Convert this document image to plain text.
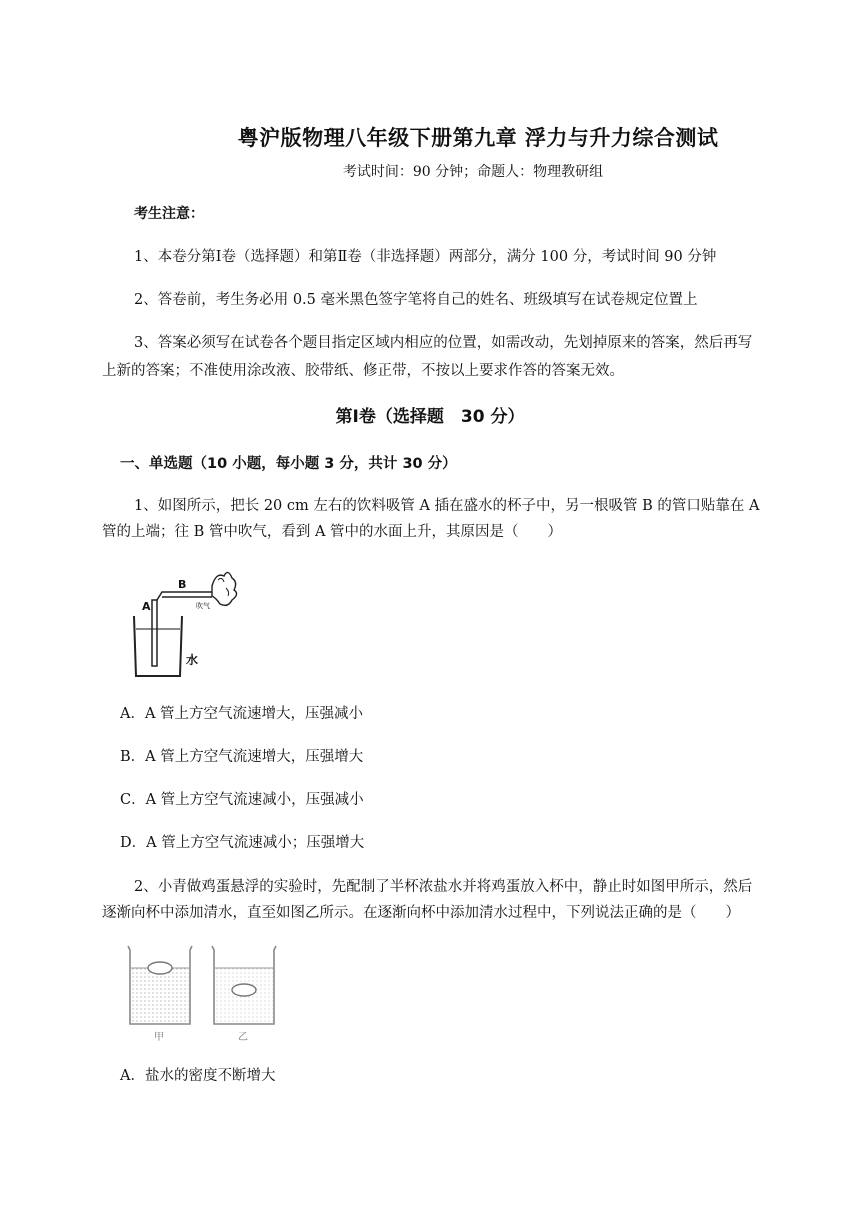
粤沪版物理八年级下册第九章 浮力与升力综合测试
考试时间：90 分钟；命题人：物理教研组
考生注意：
1、本卷分第Ⅰ卷（选择题）和第Ⅱ卷（非选择题）两部分，满分 100 分，考试时间 90 分钟
2、答卷前，考生务必用 0.5 毫米黑色签字笔将自己的姓名、班级填写在试卷规定位置上
3、答案必须写在试卷各个题目指定区域内相应的位置，如需改动，先划掉原来的答案，然后再写
上新的答案；不准使用涂改液、胶带纸、修正带，不按以上要求作答的答案无效。
第Ⅰ卷（选择题　30 分）
一、单选题（10 小题，每小题 3 分，共计 30 分）
1、如图所示，把长 20 cm 左右的饮料吸管 A 插在盛水的杯子中，另一根吸管 B 的管口贴靠在 A
管的上端；往 B 管中吹气，看到 A 管中的水面上升，其原因是（　　）
A
B
吹气
水
A．A 管上方空气流速增大，压强减小
B．A 管上方空气流速增大，压强增大
C．A 管上方空气流速减小，压强减小
D．A 管上方空气流速减小；压强增大
2、小青做鸡蛋悬浮的实验时，先配制了半杯浓盐水并将鸡蛋放入杯中，静止时如图甲所示，然后
逐渐向杯中添加清水，直至如图乙所示。在逐渐向杯中添加清水过程中，下列说法正确的是（　　）
甲	乙
A．盐水的密度不断增大
